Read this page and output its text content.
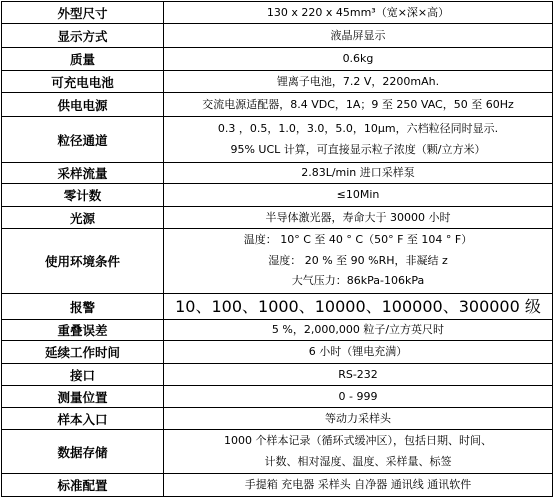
外型尺寸	130 x 220 x 45mm³（宽×深×高）

显示方式	液晶屏显示

质量	0.6kg

可充电电池	锂离子电池，7.2 V，2200mAh.

供电电源	交流电源适配器，8.4 VDC，1A；9 至 250 VAC，50 至 60Hz

粒径通道	0.3 ，0.5，1.0，3.0，5.0，10μm，六档粒径同时显示.
95% UCL 计算，可直接显示粒子浓度（颗/立方米）

采样流量	2.83L/min 进口采样泵

零计数	≤10Min

光源	半导体激光器，寿命大于 30000 小时

使用环境条件	温度： 10° C 至 40 ° C（50° F 至 104 ° F）
湿度： 20 % 至 90 %RH，非凝结 z
大气压力：86kPa-106kPa

报警	10、100、1000、10000、100000、300000 级

重叠误差	5 %，2,000,000 粒子/立方英尺时

延续工作时间	6 小时（锂电充满）

接口	RS-232

测量位置	0 - 999

样本入口	等动力采样头

数据存储	1000 个样本记录（循环式缓冲区），包括日期、时间、
计数、相对湿度、温度、采样量、标签

标准配置	手提箱 充电器 采样头 自净器 通讯线 通讯软件
